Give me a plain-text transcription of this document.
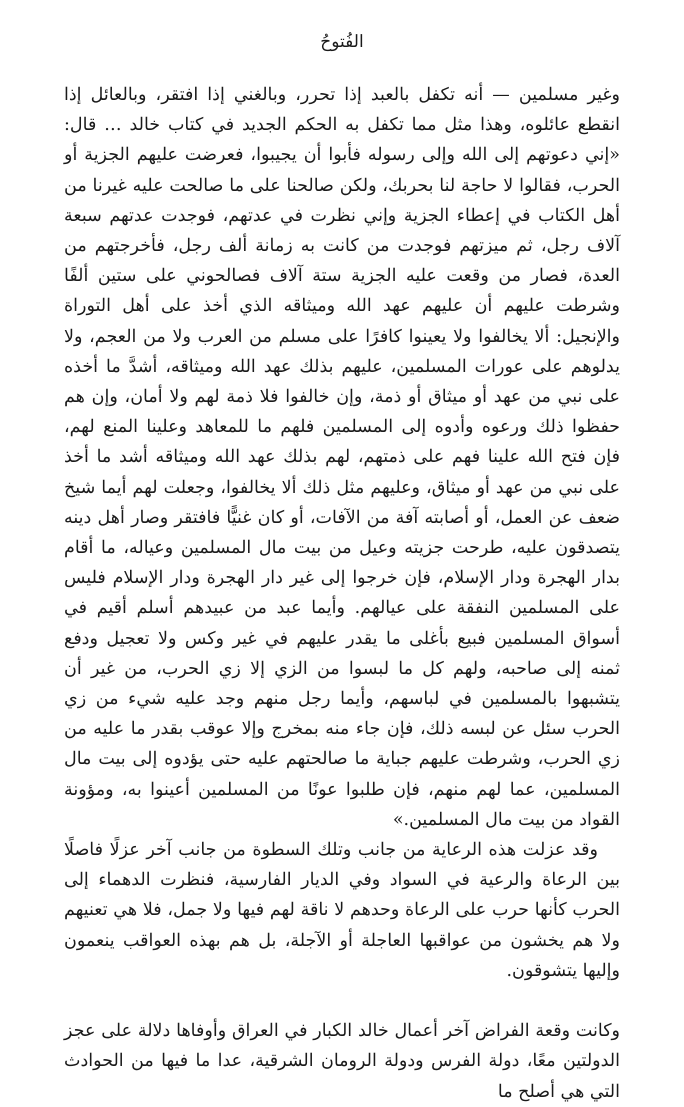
الفُتوحُ

وغير مسلمين — أنه تكفل بالعبد إذا تحرر، وبالغني إذا افتقر، وبالعائل إذا انقطع عائلوه، وهذا مثل مما تكفل به الحكم الجديد في كتاب خالد … قال: «إني دعوتهم إلى الله وإلى رسوله فأبوا أن يجيبوا، فعرضت عليهم الجزية أو الحرب، فقالوا لا حاجة لنا بحربك، ولكن صالحنا على ما صالحت عليه غيرنا من أهل الكتاب في إعطاء الجزية وإني نظرت في عدتهم، فوجدت عدتهم سبعة آلاف رجل، ثم ميزتهم فوجدت من كانت به زمانة ألف رجل، فأخرجتهم من العدة، فصار من وقعت عليه الجزية ستة آلاف فصالحوني على ستين ألفًا وشرطت عليهم أن عليهم عهد الله وميثاقه الذي أخذ على أهل التوراة والإنجيل: ألا يخالفوا ولا يعينوا كافرًا على مسلم من العرب ولا من العجم، ولا يدلوهم على عورات المسلمين، عليهم بذلك عهد الله وميثاقه، أشدَّ ما أخذه على نبي من عهد أو ميثاق أو ذمة، وإن خالفوا فلا ذمة لهم ولا أمان، وإن هم حفظوا ذلك ورعوه وأدوه إلى المسلمين فلهم ما للمعاهد وعلينا المنع لهم، فإن فتح الله علينا فهم على ذمتهم، لهم بذلك عهد الله وميثاقه أشد ما أخذ على نبي من عهد أو ميثاق، وعليهم مثل ذلك ألا يخالفوا، وجعلت لهم أيما شيخ ضعف عن العمل، أو أصابته آفة من الآفات، أو كان غنيًّا فافتقر وصار أهل دينه يتصدقون عليه، طرحت جزيته وعيل من بيت مال المسلمين وعياله، ما أقام بدار الهجرة ودار الإسلام، فإن خرجوا إلى غير دار الهجرة ودار الإسلام فليس على المسلمين النفقة على عيالهم. وأيما عبد من عبيدهم أسلم أقيم في أسواق المسلمين فبيع بأغلى ما يقدر عليهم في غير وكس ولا تعجيل ودفع ثمنه إلى صاحبه، ولهم كل ما لبسوا من الزي إلا زي الحرب، من غير أن يتشبهوا بالمسلمين في لباسهم، وأيما رجل منهم وجد عليه شيء من زي الحرب سئل عن لبسه ذلك، فإن جاء منه بمخرج وإلا عوقب بقدر ما عليه من زي الحرب، وشرطت عليهم جباية ما صالحتهم عليه حتى يؤدوه إلى بيت مال المسلمين، عما لهم منهم، فإن طلبوا عونًا من المسلمين أعينوا به، ومؤونة القواد من بيت مال المسلمين.»

وقد عزلت هذه الرعاية من جانب وتلك السطوة من جانب آخر عزلًا فاصلًا بين الرعاة والرعية في السواد وفي الديار الفارسية، فنظرت الدهماء إلى الحرب كأنها حرب على الرعاة وحدهم لا ناقة لهم فيها ولا جمل، فلا هي تعنيهم ولا هم يخشون من عواقبها العاجلة أو الآجلة، بل هم بهذه العواقب ينعمون وإليها يتشوقون.

وكانت وقعة الفراض آخر أعمال خالد الكبار في العراق وأوفاها دلالة على عجز الدولتين معًا، دولة الفرس ودولة الرومان الشرقية، عدا ما فيها من الحوادث التي هي أصلح ما
